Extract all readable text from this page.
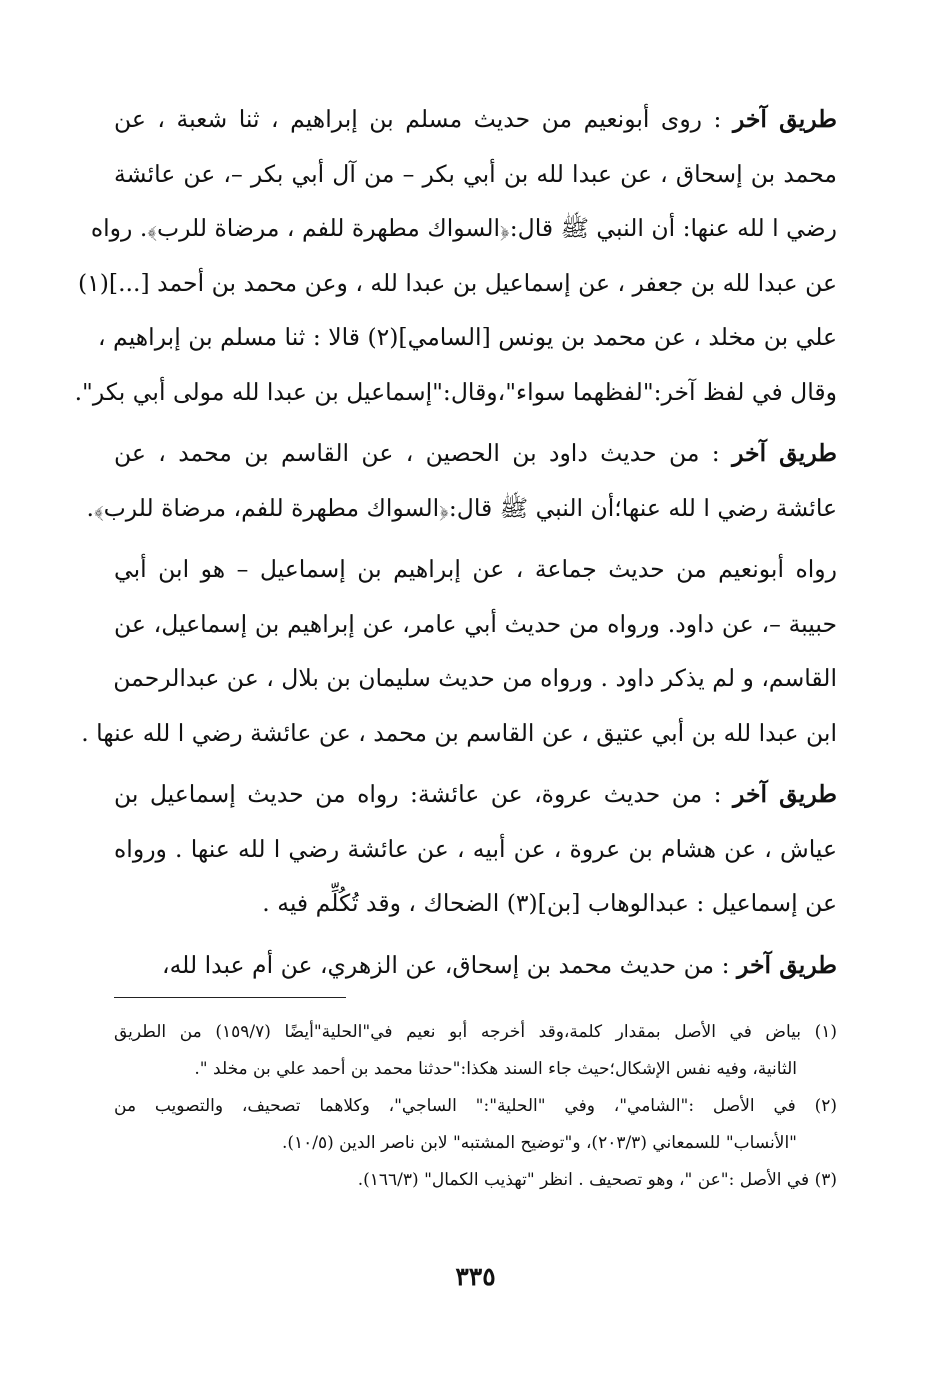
طريق آخر : روى أبونعيم من حديث مسلم بن إبراهيم ، ثنا شعبة ، عن
محمد بن إسحاق ، عن عبدا لله بن أبي بكر – من آل أبي بكر –، عن عائشة
رضي ا لله عنها: أن النبي ﷺ قال:﴿السواك مطهرة للفم ، مرضاة للرب﴾. رواه
عن عبدا لله بن جعفر ، عن إسماعيل بن عبدا لله ، وعن محمد بن أحمد [...](١)
علي بن مخلد ، عن محمد بن يونس [السامي](٢) قالا : ثنا مسلم بن إبراهيم ،
وقال في لفظ آخر:"لفظهما سواء"،وقال:"إسماعيل بن عبدا لله مولى أبي بكر".
طريق آخر : من حديث داود بن الحصين ، عن القاسم بن محمد ، عن
عائشة رضي ا لله عنها؛أن النبي ﷺ قال:﴿السواك مطهرة للفم، مرضاة للرب﴾.
رواه أبونعيم من حديث جماعة ، عن إبراهيم بن إسماعيل – هو ابن أبي
حبيبة –، عن داود. ورواه من حديث أبي عامر، عن إبراهيم بن إسماعيل، عن
القاسم، و لم يذكر داود . ورواه من حديث سليمان بن بلال ، عن عبدالرحمن
ابن عبدا لله بن أبي عتيق ، عن القاسم بن محمد ، عن عائشة رضي ا لله عنها .
طريق آخر : من حديث عروة، عن عائشة: رواه من حديث إسماعيل بن
عياش ، عن هشام بن عروة ، عن أبيه ، عن عائشة رضي ا لله عنها . ورواه
عن إسماعيل : عبدالوهاب [بن](٣) الضحاك ، وقد تُكُلِّم فيه .
طريق آخر : من حديث محمد بن إسحاق، عن الزهري، عن أم عبدا لله،
(١) بياض في الأصل بمقدار كلمة،وقد أخرجه أبو نعيم في"الحلية"أيضًا (١٥٩/٧) من الطريق
الثانية، وفيه نفس الإشكال؛حيث جاء السند هكذا:"حدثنا محمد بن أحمد علي بن مخلد ".
(٢) في الأصل :"الشامي"، وفي "الحلية":" الساجي"، وكلاهما تصحيف، والتصويب من
"الأنساب" للسمعاني (٢٠٣/٣)، و"توضيح المشتبه" لابن ناصر الدين (١٠/٥).
(٣) في الأصل :"عن "، وهو تصحيف . انظر "تهذيب الكمال" (١٦٦/٣).
٣٣٥
